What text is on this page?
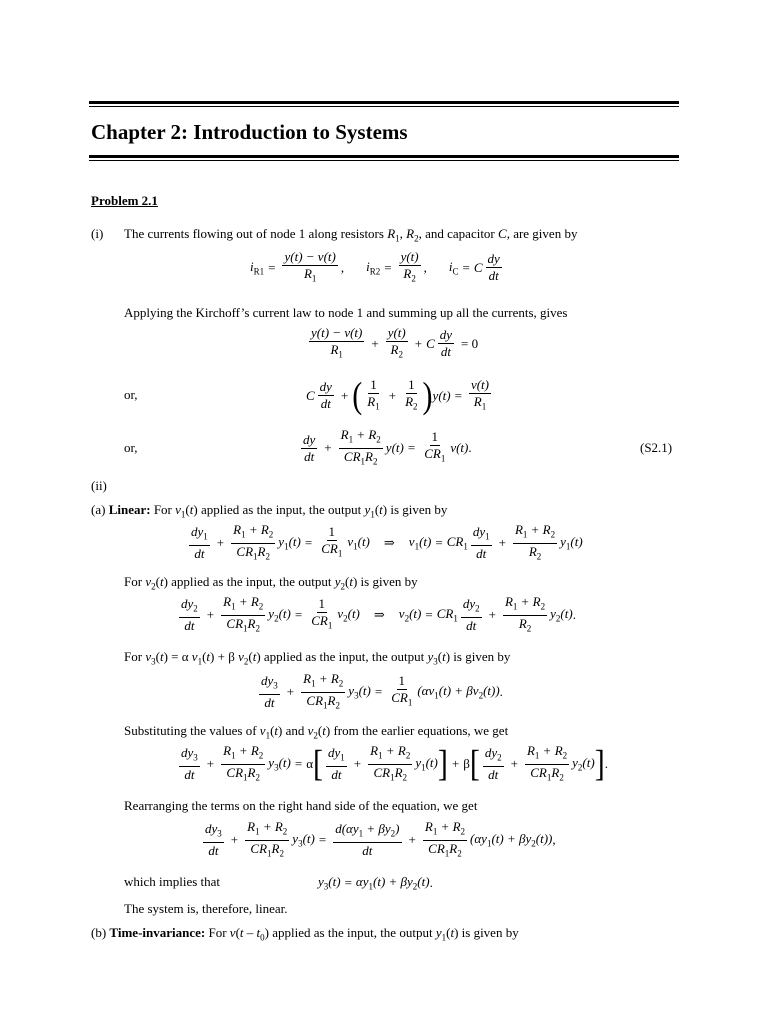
Chapter 2: Introduction to Systems
Problem 2.1
(i) The currents flowing out of node 1 along resistors $R_1$, $R_2$, and capacitor C, are given by
$i_{R1} = \frac{y(t) - v(t)}{R_1}$ , $i_{R2} = \frac{y(t)}{R_2}$ , $i_C = C \frac{dy}{dt}$
Applying the Kirchoff’s current law to node 1 and summing up all the currents, gives
$\frac{y(t) - v(t)}{R_1} + \frac{y(t)}{R_2} + C \frac{dy}{dt} = 0$
or,	C $\frac{dy}{dt}$ + ( $\frac{1}{R_1} + \frac{1}{R_2}$ ) $y(t) = \frac{v(t)}{R_1}$
or,	$\frac{dy}{dt} + \frac{R_1 + R_2}{CR_1R_2} y(t) = \frac{1}{CR_1} v(t)$ .	(S2.1)
(ii)
(a) Linear: For $v_1(t)$ applied as the input, the output $y_1(t)$ is given by
$\frac{dy_1}{dt} + \frac{R_1 + R_2}{CR_1R_2} y_1(t) = \frac{1}{CR_1} v_1(t)$ ⇒ $v_1(t) = CR_1 \frac{dy_1}{dt} + \frac{R_1 + R_2}{R_2} y_1(t)$
For $v_2(t)$ applied as the input, the output $y_2(t)$ is given by
$\frac{dy_2}{dt} + \frac{R_1 + R_2}{CR_1R_2} y_2(t) = \frac{1}{CR_1} v_2(t)$ ⇒ $v_2(t) = CR_1 \frac{dy_2}{dt} + \frac{R_1 + R_2}{R_2} y_2(t)$ .
For $v_3(t) = \alpha$ $v_1(t) + \beta$ $v_2(t)$ applied as the input, the output $y_3(t)$ is given by
$\frac{dy_3}{dt} + \frac{R_1 + R_2}{CR_1R_2} y_3(t) = \frac{1}{CR_1} (\alpha v_1(t) + \beta v_2(t))$ .
Substituting the values of $v_1(t)$ and $v_2(t)$ from the earlier equations, we get
$\frac{dy_3}{dt} + \frac{R_1 + R_2}{CR_1R_2} y_3(t) = \alpha$ [ $\frac{dy_1}{dt} + \frac{R_1 + R_2}{CR_1R_2} y_1(t)$ ] + β [ $\frac{dy_2}{dt} + \frac{R_1 + R_2}{CR_1R_2} y_2(t)$ ] .
Rearranging the terms on the right hand side of the equation, we get
$\frac{dy_3}{dt} + \frac{R_1 + R_2}{CR_1R_2} y_3(t) = \frac{d(\alpha y_1 + \beta y_2)}{dt} + \frac{R_1 + R_2}{CR_1R_2} (\alpha y_1(t) + \beta y_2(t))$ ,
which implies that	$y_3(t) = \alpha y_1(t) + \beta y_2(t)$ .
The system is, therefore, linear.
(b) Time-invariance: For $v(t - t_0)$ applied as the input, the output $y_1(t)$ is given by
